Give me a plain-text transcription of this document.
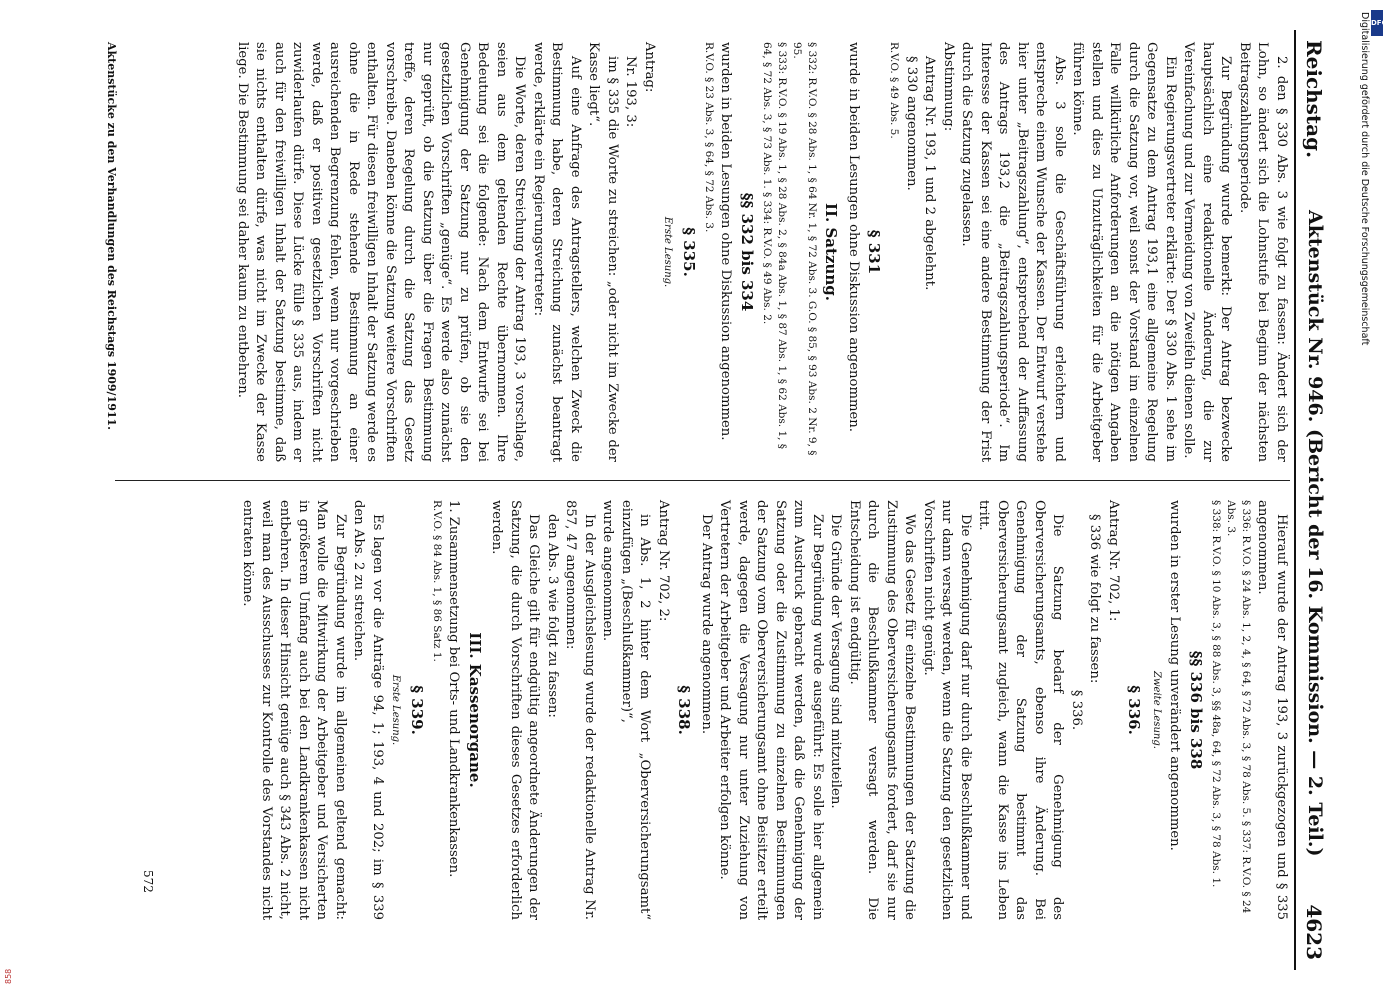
Reichstag.
Aktenstück Nr. 946. (Bericht der 16. Kommission. — 2. Teil.)
4623

2. den § 330 Abs. 3 wie folgt zu fassen: Ändert sich der Lohn, so ändert sich die Lohnstufe bei Beginn der nächsten Beitragszahlungsperiode.

Zur Begründung wurde bemerkt: Der Antrag bezwecke hauptsächlich eine redaktionelle Änderung, die zur Vereinfachung und zur Vermeidung von Zweifeln dienen solle.

Ein Regierungsvertreter erklärte: Der § 330 Abs. 1 sehe im Gegensatze zu dem Antrag 193,1 eine allgemeine Regelung durch die Satzung vor, weil sonst der Vorstand im einzelnen Falle willkürliche Anforderungen an die nötigen Angaben stellen und dies zu Unzuträglichkeiten für die Arbeitgeber führen könne.

Abs. 3 solle die Geschäftsführung erleichtern und entspreche einem Wunsche der Kassen. Der Entwurf verstehe hier unter „Beitragszahlung“, entsprechend der Auffassung des Antrags 193,2 die „Beitragszahlungsperiode“. Im Interesse der Kassen sei eine andere Bestimmung der Frist durch die Satzung zugelassen.

Abstimmung:

Antrag Nr. 193, 1 und 2 abgelehnt.

§ 330 angenommen.

R.V.O. § 49 Abs. 5.

§ 331

wurde in beiden Lesungen ohne Diskussion angenommen.

II. Satzung.

§ 332: R.V.O. § 28 Abs. 1, § 64 Nr. 1, § 72 Abs. 3. G.O. § 85, § 93 Abs. 2 Nr. 9, § 95.

§ 333: R.V.O. § 19 Abs. 1, § 28 Abs. 2, § 84a Abs. 1, § 87 Abs. 1, § 62 Abs. 1, § 64, § 72 Abs. 3, § 73 Abs. 1. § 334: R.V.O. § 49 Abs. 2.

§§ 332 bis 334

wurden in beiden Lesungen ohne Diskussion angenommen.

R.V.O. § 23 Abs. 3, § 64, § 72 Abs. 3.

§ 335.

Erste Lesung.

Antrag:

Nr. 193, 3:

im § 335 die Worte zu streichen: „oder nicht im Zwecke der Kasse liegt“.

Auf eine Anfrage des Antragstellers, welchen Zweck die Bestimmung habe, deren Streichung zunächst beantragt werde, erklärte ein Regierungsvertreter:

Die Worte, deren Streichung der Antrag 193, 3 vorschlage, seien aus dem geltenden Rechte übernommen. Ihre Bedeutung sei die folgende: Nach dem Entwurfe sei bei Genehmigung der Satzung nur zu prüfen, ob sie den gesetzlichen Vorschriften „genüge“. Es werde also zunächst nur geprüft, ob die Satzung über die Fragen Bestimmung treffe, deren Regelung durch die Satzung das Gesetz vorschreibe. Daneben könne die Satzung weitere Vorschriften enthalten. Für diesen freiwilligen Inhalt der Satzung werde es ohne die in Rede stehende Bestimmung an einer ausreichenden Begrenzung fehlen, wenn nur vorgeschrieben werde, daß er positiven gesetzlichen Vorschriften nicht zuwiderlaufen dürfe. Diese Lücke fülle § 335 aus, indem er auch für den freiwilligen Inhalt der Satzung bestimme, daß sie nichts enthalten dürfe, was nicht im Zwecke der Kasse liege. Die Bestimmung sei daher kaum zu entbehren.

Hierauf wurde der Antrag 193, 3 zurückgezogen und § 335 angenommen.

§ 336: R.V.O. § 24 Abs. 1, 2, 4, § 64, § 72 Abs. 3, § 78 Abs. 5. § 337: R.V.O. § 24 Abs. 3.

§ 338: R.V.O. § 10 Abs. 3, § 88 Abs. 3, §§ 48a, 64, § 72 Abs. 3, § 78 Abs. 1.

§§ 336 bis 338

wurden in erster Lesung unverändert angenommen.

Zweite Lesung.

§ 336.

Antrag Nr. 702, 1:

§ 336 wie folgt zu fassen:

§ 336.

Die Satzung bedarf der Genehmigung des Oberversicherungsamts, ebenso ihre Änderung. Bei Genehmigung der Satzung bestimmt das Oberversicherungsamt zugleich, wann die Kasse ins Leben tritt.

Die Genehmigung darf nur durch die Beschlußkammer und nur dann versagt werden, wenn die Satzung den gesetzlichen Vorschriften nicht genügt.

Wo das Gesetz für einzelne Bestimmungen der Satzung die Zustimmung des Oberversicherungsamts fordert, darf sie nur durch die Beschlußkammer versagt werden. Die Entscheidung ist endgültig.

Die Gründe der Versagung sind mitzuteilen.

Zur Begründung wurde ausgeführt: Es solle hier allgemein zum Ausdruck gebracht werden, daß die Genehmigung der Satzung oder die Zustimmung zu einzelnen Bestimmungen der Satzung vom Oberversicherungsamt ohne Beisitzer erteilt werde, dagegen die Versagung nur unter Zuziehung von Vertretern der Arbeitgeber und Arbeiter erfolgen könne.

Der Antrag wurde angenommen.

§ 338.

Antrag Nr. 702, 2:

in Abs. 1, 2 hinter dem Wort „Oberversicherungsamt“ einzufügen „(Beschlußkammer)“,

wurde angenommen.

In der Ausgleichslesung wurde der redaktionelle Antrag Nr. 857, 47 angenommen:

den Abs. 3 wie folgt zu fassen:

Das Gleiche gilt für endgültig angeordnete Änderungen der Satzung, die durch Vorschriften dieses Gesetzes erforderlich werden.

III. Kassenorgane.

1. Zusammensetzung bei Orts- und Landkrankenkassen.

R.V.O. § 84 Abs. 1, § 86 Satz 1.

§ 339.

Erste Lesung.

Es lagen vor die Anträge 94, 1; 193, 4 und 202; im § 339 den Abs. 2 zu streichen.

Zur Begründung wurde im allgemeinen geltend gemacht: Man wolle die Mitwirkung der Arbeitgeber und Versicherten in größerem Umfang auch bei den Landkrankenkassen nicht entbehren. In dieser Hinsicht genüge auch § 343 Abs. 2 nicht, weil man des Ausschusses zur Kontrolle des Vorstandes nicht entraten könne.

572
Aktenstücke zu den Verhandlungen des Reichstags 1909/1911.
DFG
Digitalisierung gefördert durch die Deutsche Forschungsgemeinschaft
858
